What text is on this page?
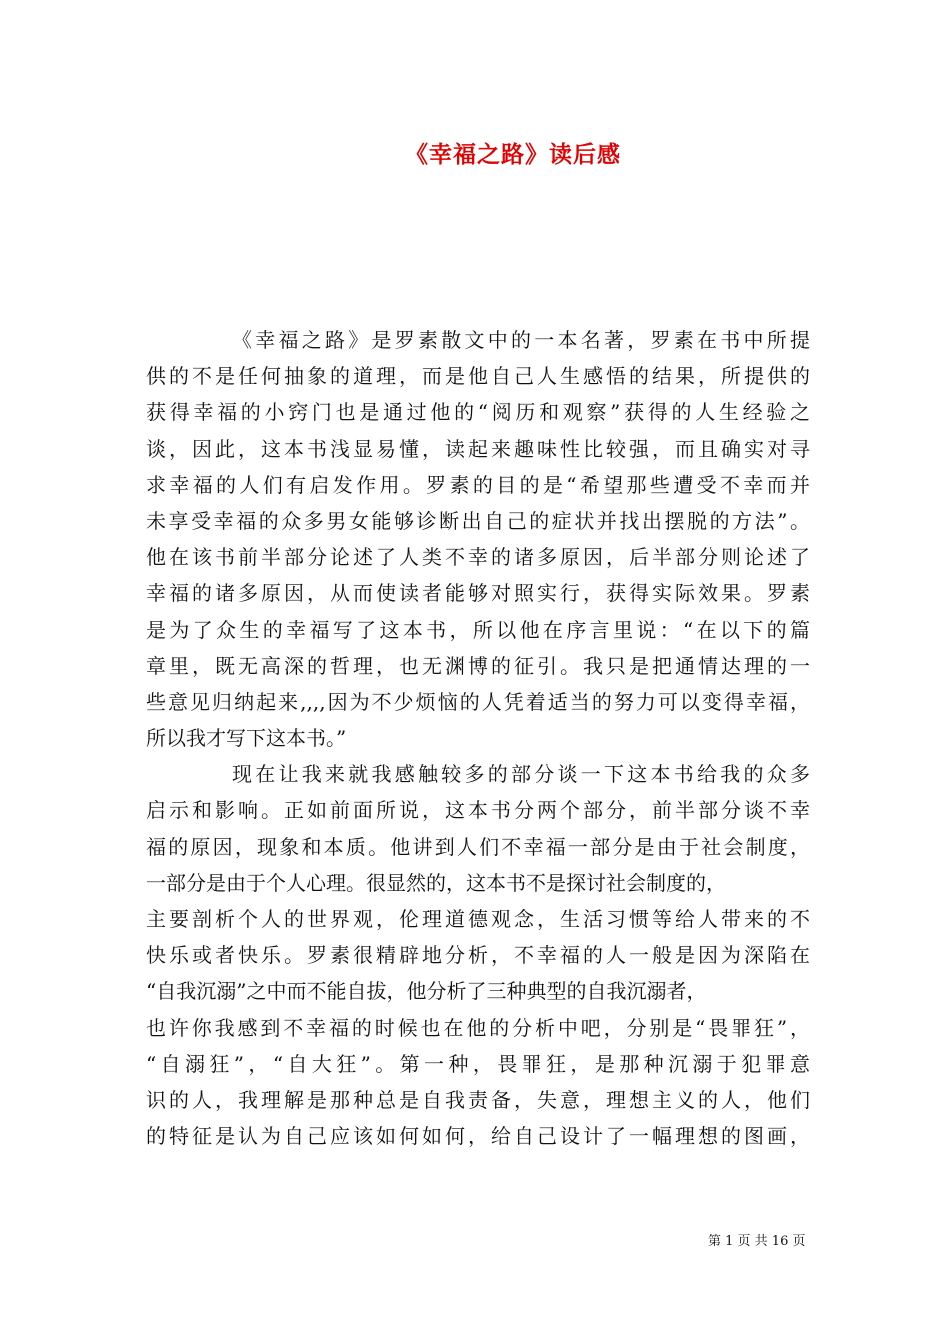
《幸福之路》读后感
《幸福之路》是罗素散文中的一本名著，罗素在书中所提
供的不是任何抽象的道理，而是他自己人生感悟的结果，所提供的
获得幸福的小窍门也是通过他的“阅历和观察”获得的人生经验之
谈，因此，这本书浅显易懂，读起来趣味性比较强，而且确实对寻
求幸福的人们有启发作用。罗素的目的是“希望那些遭受不幸而并
未享受幸福的众多男女能够诊断出自己的症状并找出摆脱的方法”。
他在该书前半部分论述了人类不幸的诸多原因，后半部分则论述了
幸福的诸多原因，从而使读者能够对照实行，获得实际效果。罗素
是为了众生的幸福写了这本书，所以他在序言里说：“在以下的篇
章里，既无高深的哲理，也无渊博的征引。我只是把通情达理的一
些意见归纳起来,,,,因为不少烦恼的人凭着适当的努力可以变得幸福，
所以我才写下这本书。”
现在让我来就我感触较多的部分谈一下这本书给我的众多
启示和影响。正如前面所说，这本书分两个部分，前半部分谈不幸
福的原因，现象和本质。他讲到人们不幸福一部分是由于社会制度，
一部分是由于个人心理。很显然的，这本书不是探讨社会制度的，
主要剖析个人的世界观，伦理道德观念，生活习惯等给人带来的不
快乐或者快乐。罗素很精辟地分析，不幸福的人一般是因为深陷在
“自我沉溺”之中而不能自拔，他分析了三种典型的自我沉溺者，
也许你我感到不幸福的时候也在他的分析中吧，分别是“畏罪狂”，
“自溺狂”，“自大狂”。第一种，畏罪狂，是那种沉溺于犯罪意
识的人，我理解是那种总是自我责备，失意，理想主义的人，他们
的特征是认为自己应该如何如何，给自己设计了一幅理想的图画，
第 1 页 共 16 页
